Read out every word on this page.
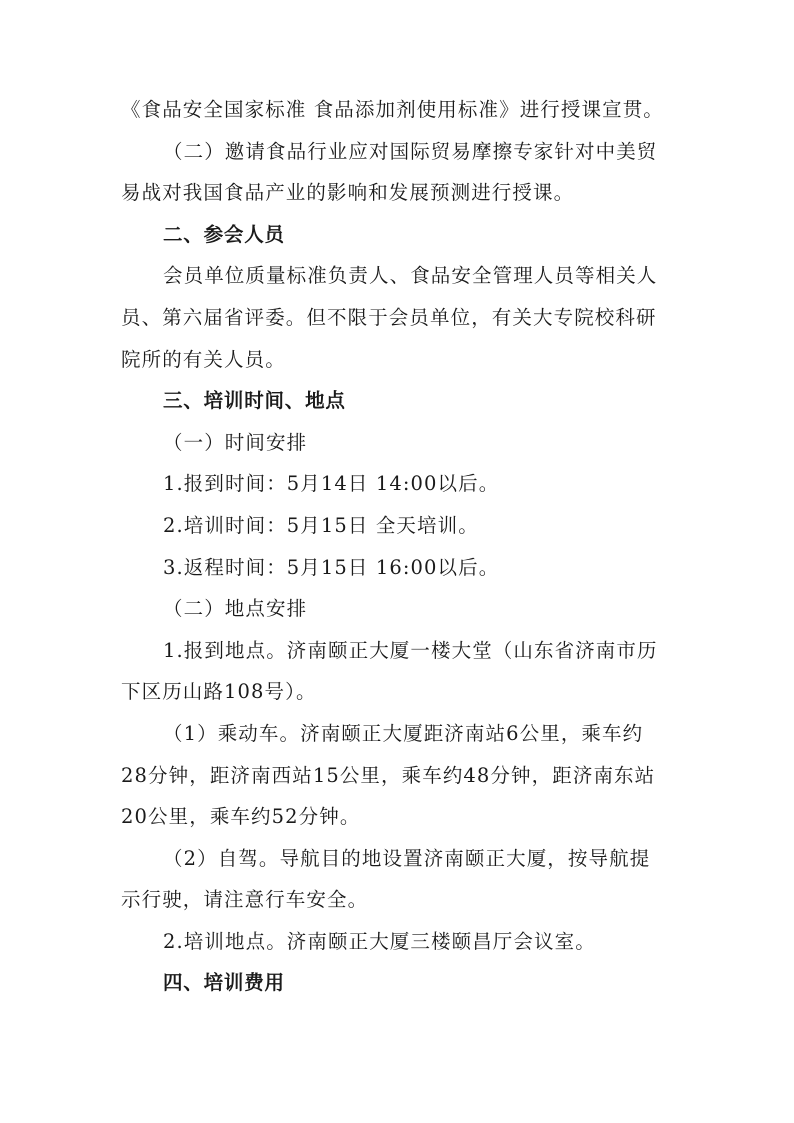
《食品安全国家标准 食品添加剂使用标准》进行授课宣贯。
（二）邀请食品行业应对国际贸易摩擦专家针对中美贸
易战对我国食品产业的影响和发展预测进行授课。
二、参会人员
会员单位质量标准负责人、食品安全管理人员等相关人
员、第六届省评委。但不限于会员单位，有关大专院校科研
院所的有关人员。
三、培训时间、地点
（一）时间安排
1.报到时间：5月14日 14:00以后。
2.培训时间：5月15日 全天培训。
3.返程时间：5月15日 16:00以后。
（二）地点安排
1.报到地点。济南颐正大厦一楼大堂（山东省济南市历
下区历山路108号）。
（1）乘动车。济南颐正大厦距济南站6公里，乘车约
28分钟，距济南西站15公里，乘车约48分钟，距济南东站
20公里，乘车约52分钟。
（2）自驾。导航目的地设置济南颐正大厦，按导航提
示行驶，请注意行车安全。
2.培训地点。济南颐正大厦三楼颐昌厅会议室。
四、培训费用
